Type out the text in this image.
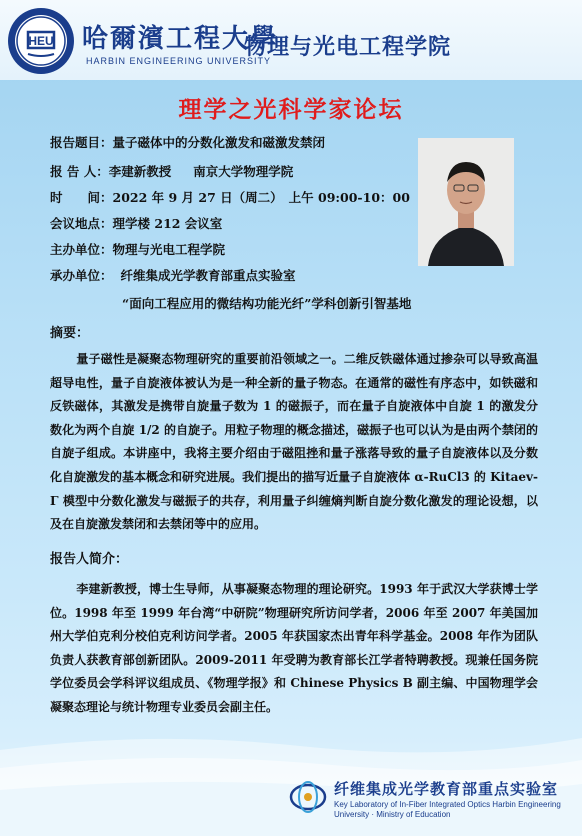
HEU 哈爾濱工程大學
HARBIN ENGINEERING UNIVERSITY
物理与光电工程学院
理学之光科学家论坛
报告题目：量子磁体中的分数化激发和磁激发禁闭
报 告 人：李建新教授 南京大学物理学院
时　　间：2022 年 9 月 27 日（周二） 上午 09:00-10：00
会议地点：理学楼 212 会议室
主办单位：物理与光电工程学院
承办单位： 纤维集成光学教育部重点实验室
“面向工程应用的微结构功能光纤”学科创新引智基地
摘要：
量子磁性是凝聚态物理研究的重要前沿领域之一。二维反铁磁体通过掺杂可以导致高温超导电性，量子自旋液体被认为是一种全新的量子物态。在通常的磁性有序态中，如铁磁和反铁磁体，其激发是携带自旋量子数为 1 的磁振子，而在量子自旋液体中自旋 1 的激发分数化为两个自旋 1/2 的自旋子。用粒子物理的概念描述，磁振子也可以认为是由两个禁闭的自旋子组成。本讲座中，我将主要介绍由于磁阻挫和量子涨落导致的量子自旋液体以及分数化自旋激发的基本概念和研究进展。我们提出的描写近量子自旋液体 α-RuCl3 的 Kitaev-Γ 模型中分数化激发与磁振子的共存，利用量子纠缠熵判断自旋分数化激发的理论设想，以及在自旋激发禁闭和去禁闭等中的应用。
报告人简介：
李建新教授，博士生导师，从事凝聚态物理的理论研究。1993 年于武汉大学获博士学位。1998 年至 1999 年台湾“中研院”物理研究所访问学者，2006 年至 2007 年美国加州大学伯克利分校伯克利访问学者。2005 年获国家杰出青年科学基金。2008 年作为团队负责人获教育部创新团队。2009-2011 年受聘为教育部长江学者特聘教授。现兼任国务院学位委员会学科评议组成员、《物理学报》和 Chinese Physics B 副主编、中国物理学会凝聚态理论与统计物理专业委员会副主任。
纤维集成光学教育部重点实验室
Key Laboratory of In-Fiber Integrated Optics Harbin Engineering University · Ministry of Education
